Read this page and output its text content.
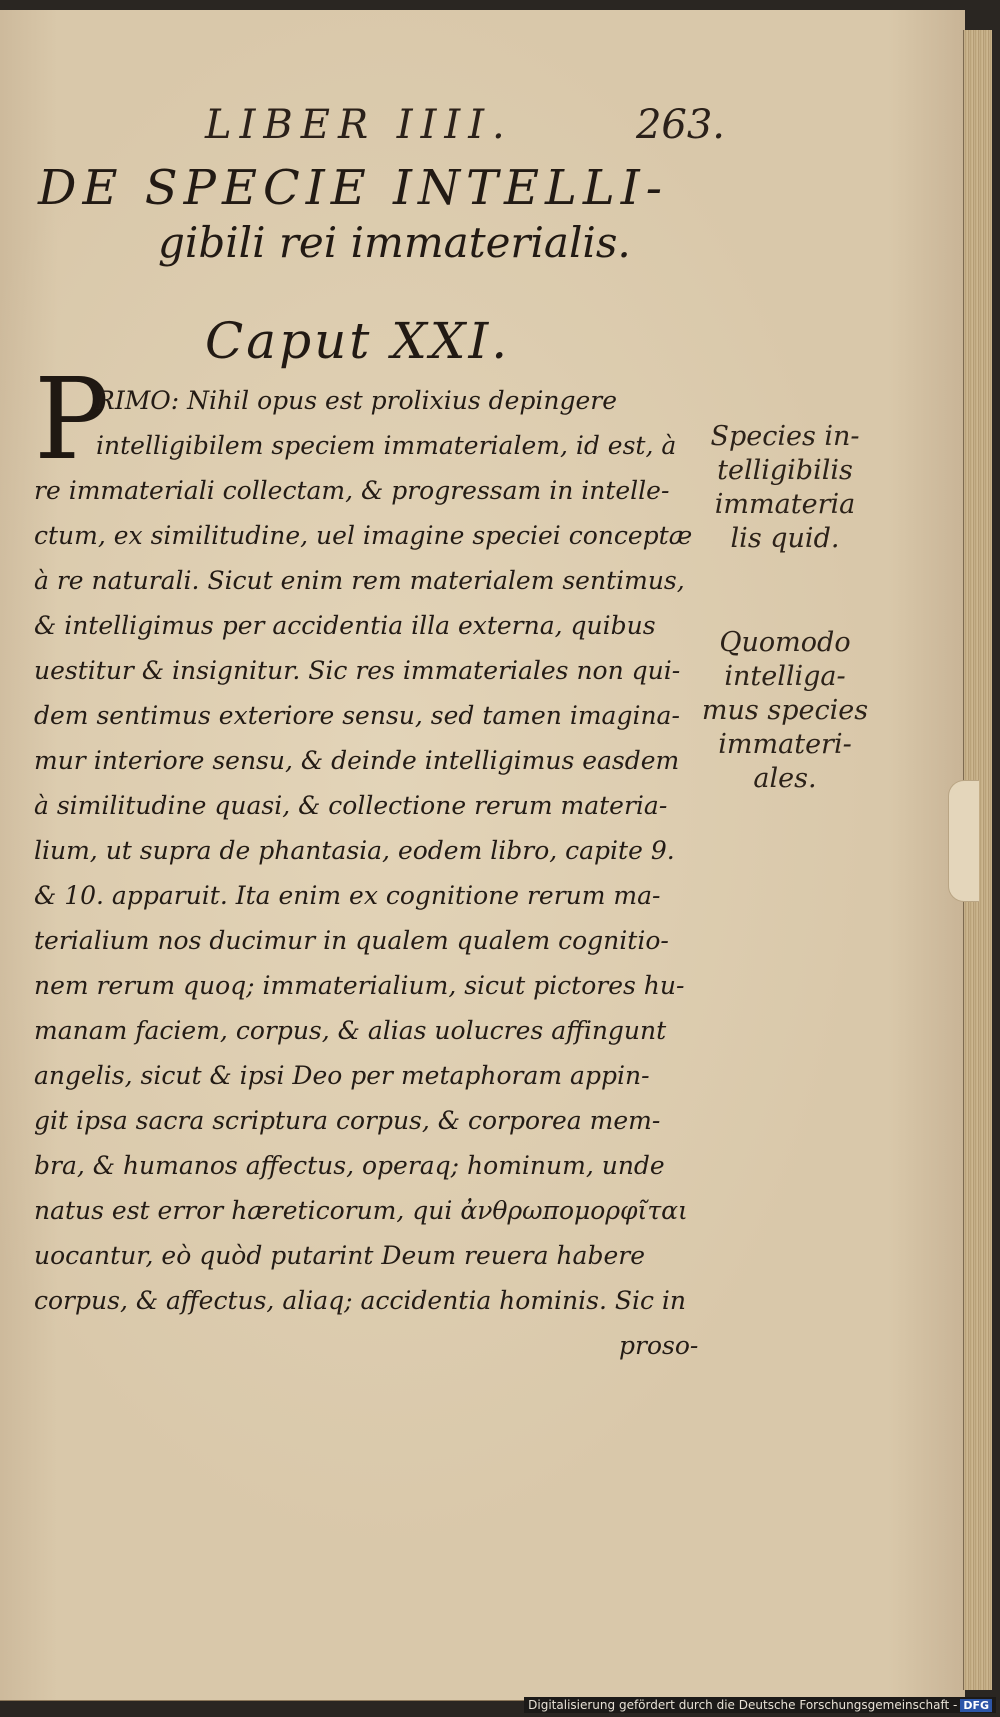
LIBER IIII.	263.
DE SPECIE INTELLI-
gibili rei immaterialis.
Caput XXI.
P
RIMO: Nihil opus est prolixius depingere
intelligibilem speciem immaterialem, id est, à
re immateriali collectam, & progressam in intelle-
ctum, ex similitudine, uel imagine speciei conceptæ
à re naturali. Sicut enim rem materialem sentimus,
& intelligimus per accidentia illa externa, quibus
uestitur & insignitur. Sic res immateriales non qui-
dem sentimus exteriore sensu, sed tamen imagina-
mur interiore sensu, & deinde intelligimus easdem
à similitudine quasi, & collectione rerum materia-
lium, ut supra de phantasia, eodem libro, capite 9.
& 10. apparuit. Ita enim ex cognitione rerum ma-
terialium nos ducimur in qualem qualem cognitio-
nem rerum quoq; immaterialium, sicut pictores hu-
manam faciem, corpus, & alias uolucres affingunt
angelis, sicut & ipsi Deo per metaphoram appin-
git ipsa sacra scriptura corpus, & corporea mem-
bra, & humanos affectus, operaq; hominum, unde
natus est error hæreticorum, qui ἀνθρωπομορφῖται
uocantur, eò quòd putarint Deum reuera habere
corpus, & affectus, aliaq; accidentia hominis. Sic in
proso-
Species in-
telligibilis
immateria
lis quid.
Quomodo
intelliga-
mus species
immateri-
ales.
Digitalisierung gefördert durch die Deutsche Forschungsgemeinschaft - DFG
